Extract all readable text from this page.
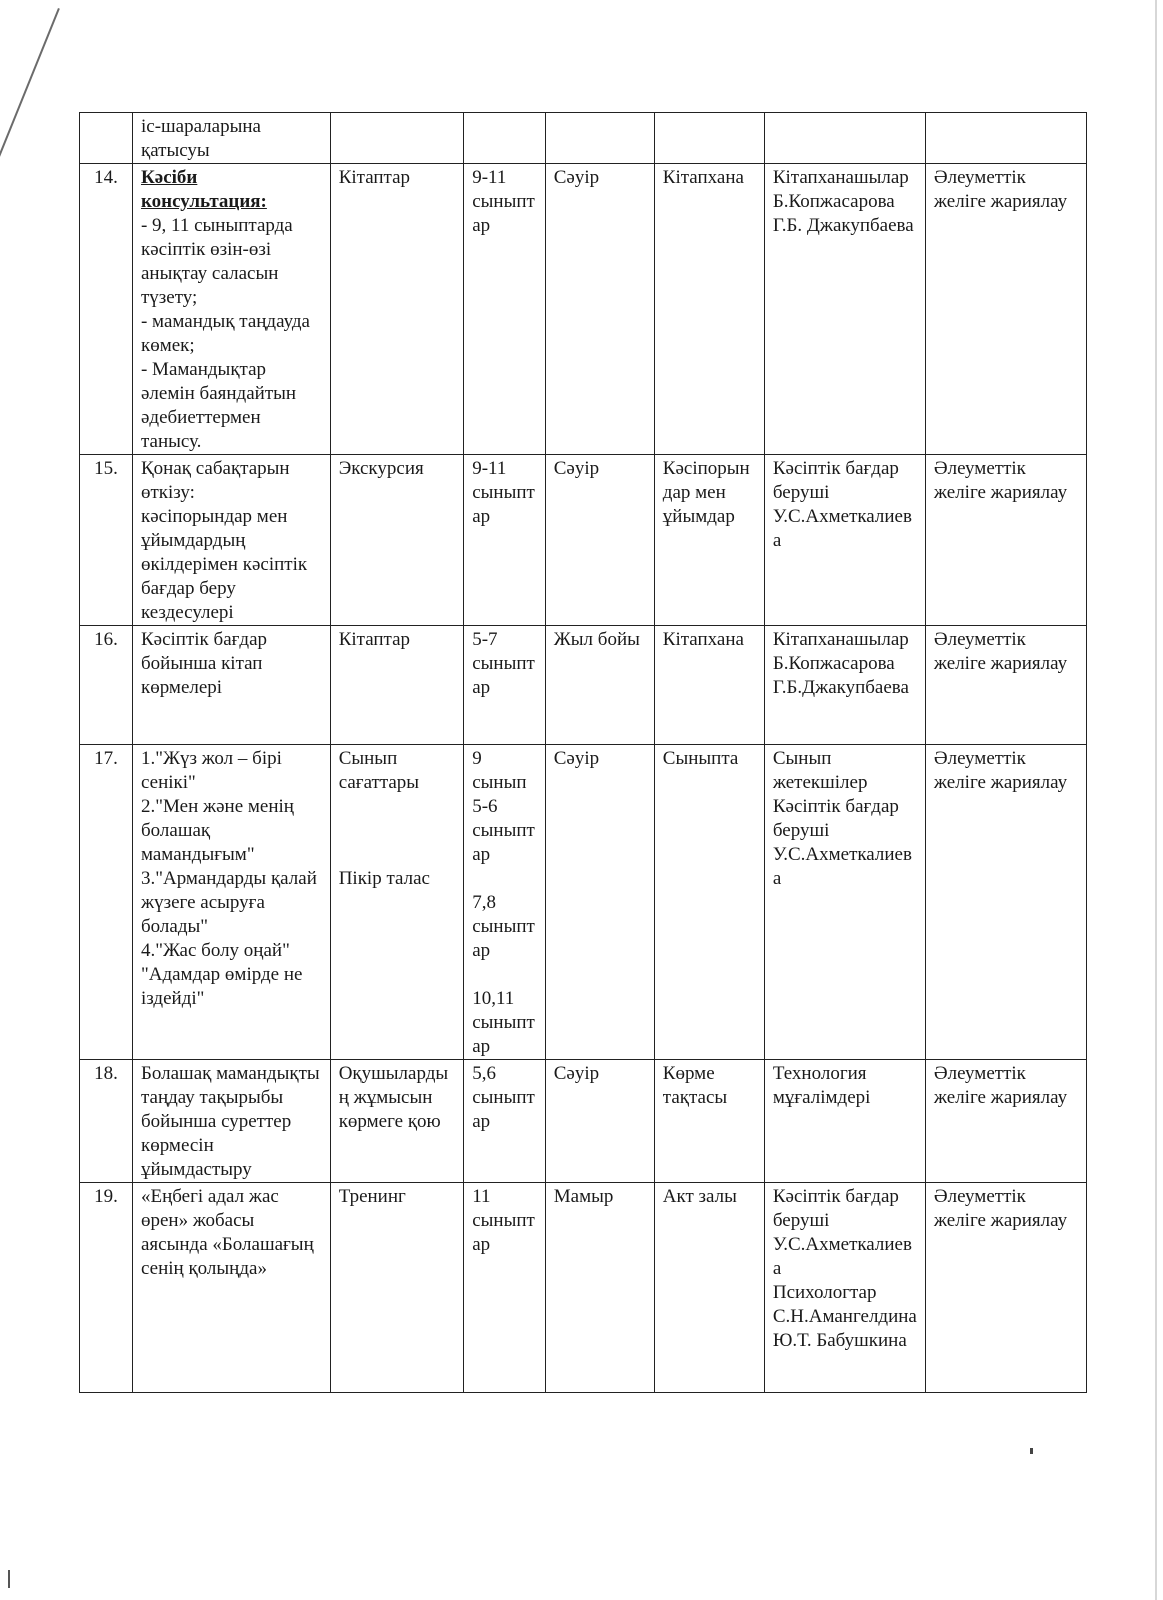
	іс-шараларына
қатысуы						

14.	Кәсіби консультация:
- 9, 11 сыныптарда кәсіптік өзін-өзі анықтау саласын түзету;
- мамандық таңдауда көмек;
- Мамандықтар әлемін баяндайтын әдебиеттермен танысу.	Кітаптар	9-11 сыныптар	Сәуір	Кітапхана	Кітапханашылар
Б.Копжасарова
Г.Б. Джакупбаева	Әлеуметтік желіге жариялау
15.	Қонақ сабақтарын өткізу:
кәсіпорындар мен ұйымдардың өкілдерімен кәсіптік бағдар беру кездесулері	Экскурсия	9-11 сыныптар	Сәуір	Кәсіпорындар мен ұйымдар	Кәсіптік бағдар беруші
У.С.Ахметкалиева	Әлеуметтік желіге жариялау
16.	Кәсіптік бағдар бойынша кітап көрмелері	Кітаптар	5-7 сыныптар	Жыл бойы	Кітапхана	Кітапханашылар
Б.Копжасарова
Г.Б.Джакупбаева	Әлеуметтік желіге жариялау
17.	1."Жүз жол – бірі сенікі"
2."Мен және менің болашақ мамандығым"
3."Армандарды қалай жүзеге асыруға болады"
4."Жас болу оңай"
"Адамдар өмірде не іздейді"	Сынып сағаттары
Пікір талас	9 сынып
5-6 сыныптар
7,8 сыныптар
10,11 сыныптар	Сәуір	Сыныпта	Сынып жетекшілер
Кәсіптік бағдар беруші
У.С.Ахметкалиева	Әлеуметтік желіге жариялау
18.	Болашақ мамандықты таңдау тақырыбы бойынша суреттер көрмесін ұйымдастыру	Оқушылардың жұмысын көрмеге қою	5,6 сыныптар	Сәуір	Көрме тақтасы	Технология мұғалімдері	Әлеуметтік желіге жариялау
19.	«Еңбегі адал жас өрен» жобасы аясында «Болашағың сенің қолыңда»	Тренинг	11 сыныптар	Мамыр	Акт залы	Кәсіптік бағдар беруші
У.С.Ахметкалиева
Психологтар
С.Н.Амангелдина Ю.Т. Бабушкина	Әлеуметтік желіге жариялау
